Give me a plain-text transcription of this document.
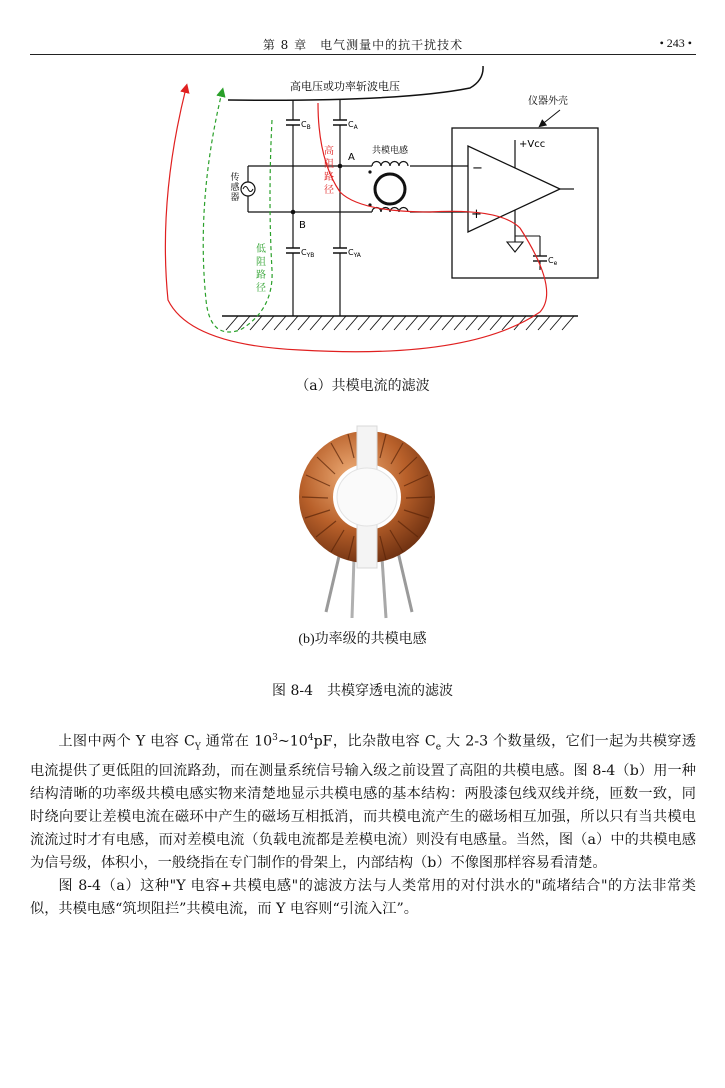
第 8 章　电气测量中的抗干扰技术	• 243 •
高电压或功率斩波电压
仪器外壳
传
感
器
$C_B$	$C_A$
$C_{YB}$	$C_{YA}$
A
B
共模电感
−
+
+Vcc
$C_e$
高
阻
路
径
低
阻
路
径
（a）共模电流的滤波
(b)功率级的共模电感
图 8-4　共模穿透电流的滤波

上图中两个 Y 电容 $C_Y$ 通常在 $10^3\sim 10^4pF$，比杂散电容 $C_e$ 大 2-3 个数量级，它们一起为共模穿透电流提供了更低阻的回流路劲，而在测量系统信号输入级之前设置了高阻的共模电感。图 8-4（b）用一种结构清晰的功率级共模电感实物来清楚地显示共模电感的基本结构：两股漆包线双线并绕，匝数一致，同时绕向要让差模电流在磁环中产生的磁场互相抵消，而共模电流产生的磁场相互加强，所以只有当共模电流流过时才有电感，而对差模电流（负载电流都是差模电流）则没有电感量。当然，图（a）中的共模电感为信号级，体积小，一般绕指在专门制作的骨架上，内部结构（b）不像图那样容易看清楚。

图 8-4（a）这种"Y 电容+共模电感"的滤波方法与人类常用的对付洪水的"疏堵结合"的方法非常类似，共模电感“筑坝阻拦”共模电流，而 Y 电容则“引流入江”。
